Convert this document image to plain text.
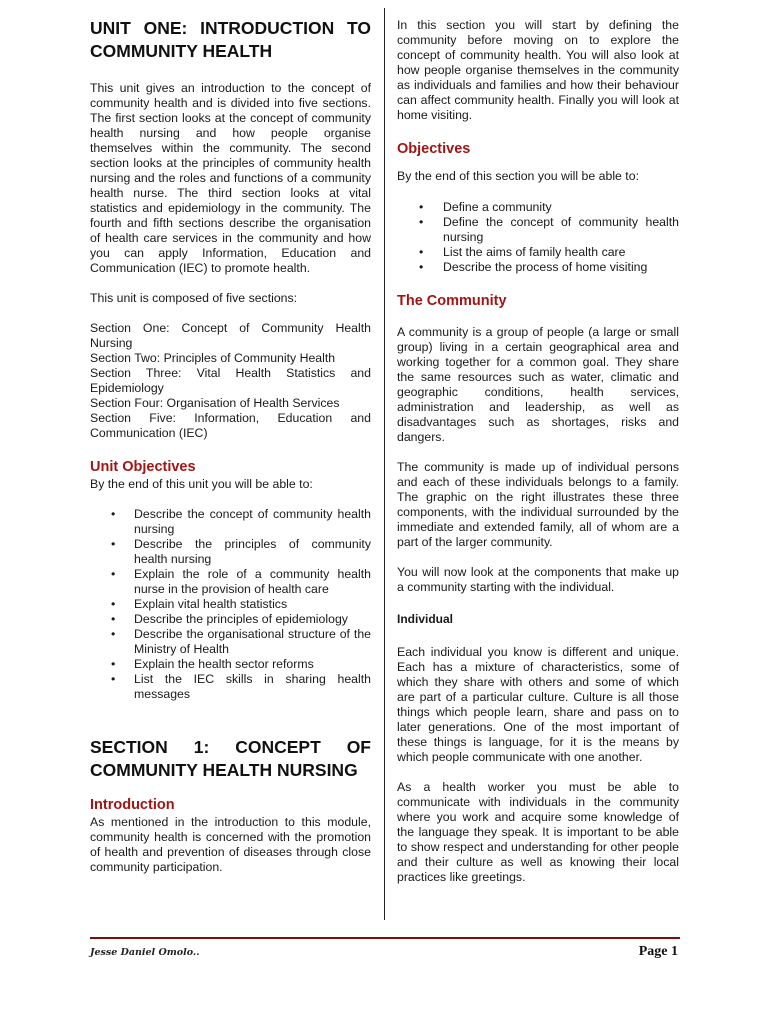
UNIT ONE: INTRODUCTION TO
COMMUNITY HEALTH

This unit gives an introduction to the concept of community health and is divided into five sections. The first section looks at the concept of community health nursing and how people organise themselves within the community. The second section looks at the principles of community health nursing and the roles and functions of a community health nurse. The third section looks at vital statistics and epidemiology in the community. The fourth and fifth sections describe the organisation of health care services in the community and how you can apply Information, Education and Communication (IEC) to promote health.

This unit is composed of five sections:

Section One: Concept of Community Health Nursing

Section Two: Principles of Community Health

Section Three: Vital Health Statistics and Epidemiology

Section Four: Organisation of Health Services

Section Five: Information, Education and Communication (IEC)

Unit Objectives

By the end of this unit you will be able to:

• Describe the concept of community health nursing
• Describe the principles of community health nursing
• Explain the role of a community health nurse in the provision of health care
• Explain vital health statistics
• Describe the principles of epidemiology
• Describe the organisational structure of the Ministry of Health
• Explain the health sector reforms
• List the IEC skills in sharing health messages
SECTION 1: CONCEPT OF
COMMUNITY HEALTH NURSING

Introduction

As mentioned in the introduction to this module, community health is concerned with the promotion of health and prevention of diseases through close community participation.

In this section you will start by defining the community before moving on to explore the concept of community health. You will also look at how people organise themselves in the community as individuals and families and how their behaviour can affect community health. Finally you will look at home visiting.

Objectives

By the end of this section you will be able to:

• Define a community
• Define the concept of community health nursing
• List the aims of family health care
• Describe the process of home visiting

The Community

A community is a group of people (a large or small group) living in a certain geographical area and working together for a common goal. They share the same resources such as water, climatic and geographic conditions, health services, administration and leadership, as well as disadvantages such as shortages, risks and dangers.

The community is made up of individual persons and each of these individuals belongs to a family. The graphic on the right illustrates these three components, with the individual surrounded by the immediate and extended family, all of whom are a part of the larger community.

You will now look at the components that make up a community starting with the individual.

Individual

Each individual you know is different and unique. Each has a mixture of characteristics, some of which they share with others and some of which are part of a particular culture. Culture is all those things which people learn, share and pass on to later generations. One of the most important of these things is language, for it is the means by which people communicate with one another.

As a health worker you must be able to communicate with individuals in the community where you work and acquire some knowledge of the language they speak. It is important to be able to show respect and understanding for other people and their culture as well as knowing their local practices like greetings.

Jesse Daniel Omolo..	Page 1
